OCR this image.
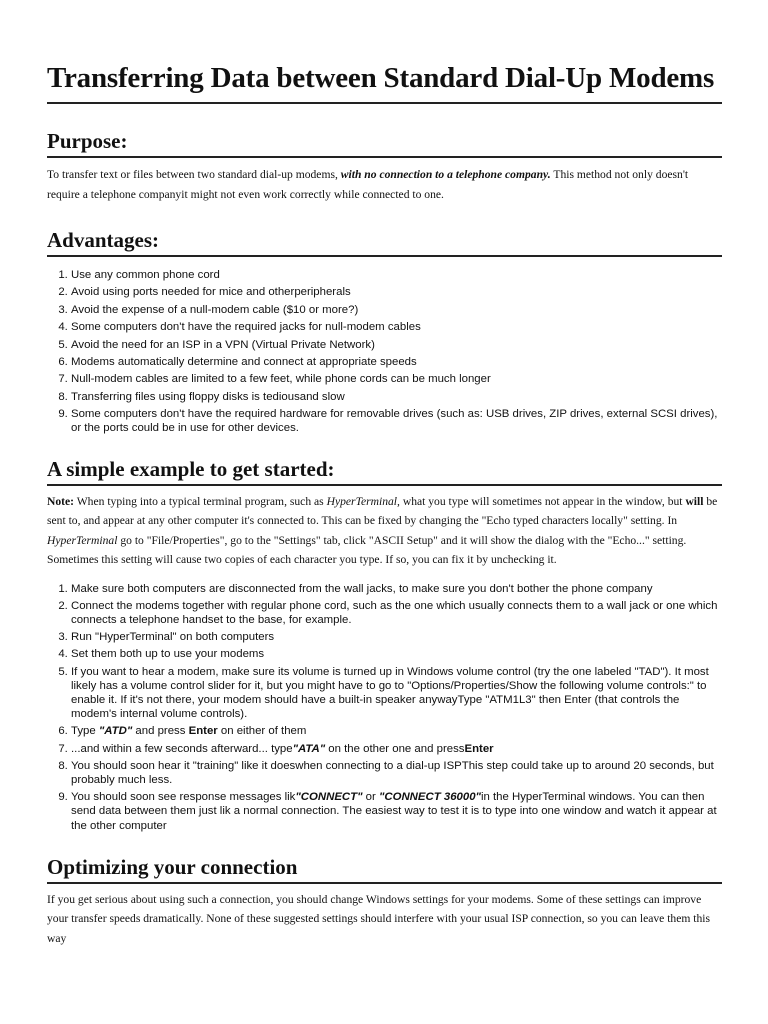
Transferring Data between Standard Dial-Up Modems
Purpose:

To transfer text or files between two standard dial-up modems, with no connection to a telephone company. This method not only doesn't require a telephone companyit might not even work correctly while connected to one.

Advantages:
1. Use any common phone cord
2. Avoid using ports needed for mice and otherperipherals
3. Avoid the expense of a null-modem cable ($10 or more?)
4. Some computers don't have the required jacks for null-modem cables
5. Avoid the need for an ISP in a VPN (Virtual Private Network)
6. Modems automatically determine and connect at appropriate speeds
7. Null-modem cables are limited to a few feet, while phone cords can be much longer
8. Transferring files using floppy disks is tediousand slow
9. Some computers don't have the required hardware for removable drives (such as: USB drives, ZIP drives, external SCSI drives), or the ports could be in use for other devices.
A simple example to get started:

Note: When typing into a typical terminal program, such as HyperTerminal, what you type will sometimes not appear in the window, but will be sent to, and appear at any other computer it's connected to. This can be fixed by changing the "Echo typed characters locally" setting. In HyperTerminal go to "File/Properties", go to the "Settings" tab, click "ASCII Setup" and it will show the dialog with the "Echo..." setting. Sometimes this setting will cause two copies of each character you type. If so, you can fix it by unchecking it.

1. Make sure both computers are disconnected from the wall jacks, to make sure you don't bother the phone company
2. Connect the modems together with regular phone cord, such as the one which usually connects them to a wall jack or one which connects a telephone handset to the base, for example.
3. Run "HyperTerminal" on both computers
4. Set them both up to use your modems
5. If you want to hear a modem, make sure its volume is turned up in Windows volume control (try the one labeled "TAD"). It most likely has a volume control slider for it, but you might have to go to "Options/Properties/Show the following volume controls:" to enable it. If it's not there, your modem should have a built-in speaker anywayType "ATM1L3" then Enter (that controls the modem's internal volume controls).
6. Type "ATD" and press Enter on either of them
7. ...and within a few seconds afterward... type"ATA" on the other one and pressEnter
8. You should soon hear it "training" like it doeswhen connecting to a dial-up ISPThis step could take up to around 20 seconds, but probably much less.
9. You should soon see response messages lik"CONNECT" or "CONNECT 36000"in the HyperTerminal windows. You can then send data between them just lik a normal connection. The easiest way to test it is to type into one window and watch it appear at the other computer
Optimizing your connection

If you get serious about using such a connection, you should change Windows settings for your modems. Some of these settings can improve your transfer speeds dramatically. None of these suggested settings should interfere with your usual ISP connection, so you can leave them this way
